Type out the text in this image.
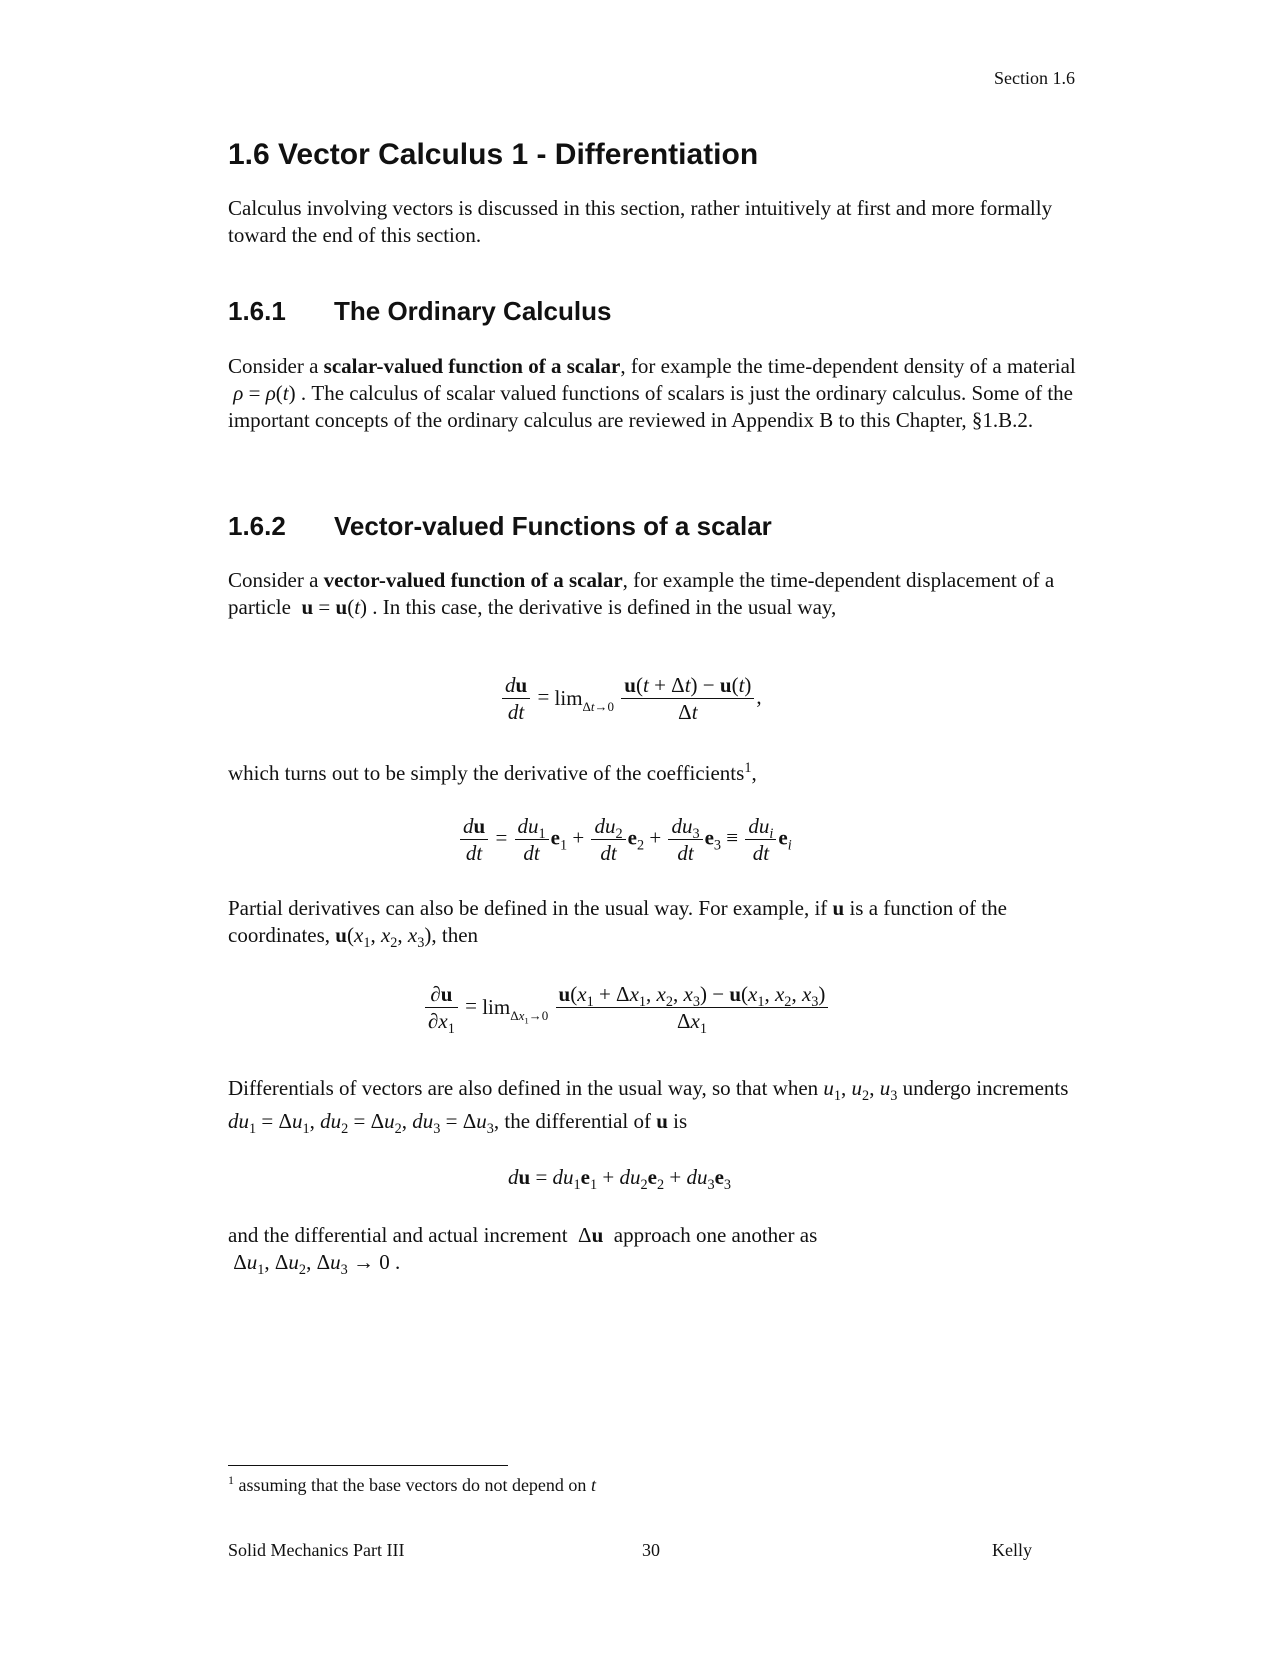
Section 1.6
1.6 Vector Calculus 1 - Differentiation
Calculus involving vectors is discussed in this section, rather intuitively at first and more formally toward the end of this section.
1.6.1 The Ordinary Calculus
Consider a scalar-valued function of a scalar, for example the time-dependent density of a material  ρ = ρ(t) . The calculus of scalar valued functions of scalars is just the ordinary calculus. Some of the important concepts of the ordinary calculus are reviewed in Appendix B to this Chapter, §1.B.2.
1.6.2 Vector-valued Functions of a scalar
Consider a vector-valued function of a scalar, for example the time-dependent displacement of a particle  u = u(t) . In this case, the derivative is defined in the usual way,
$\frac{du}{dt} = \lim_{\Delta t\to 0} \frac{u(t + \Delta t) - u(t)}{\Delta t}$ ,
which turns out to be simply the derivative of the coefficients$^1$,
$\frac{du}{dt} = \frac{du_1}{dt} e_1 + \frac{du_2}{dt} e_2 + \frac{du_3}{dt} e_3 \equiv \frac{du_i}{dt} e_i$
Partial derivatives can also be defined in the usual way. For example, if u is a function of the coordinates, $u(x_1$, $x_2$, $x_3$), then
$\frac{\partial u}{\partial x_1} = \lim_{\Delta x_1\to 0} \frac{u(x_1 + \Delta x_1, x_2, x_3) - u(x_1, x_2, x_3)}{\Delta x_1}$
Differentials of vectors are also defined in the usual way, so that when $u_1$, $u_2$, $u_3$ undergo increments $du_1 = \Delta u_1$, $du_2 = \Delta u_2$, $du_3 = \Delta u_3$, the differential of u is
du = $du_1e_1 + du_2e_2 + du_3e_3$
and the differential and actual increment  Δu  approach one another as
$\Delta u_1$, $\Delta u_2$, $\Delta u_3 \to 0$ .
$^1$ assuming that the base vectors do not depend on t
Solid Mechanics Part III	30	Kelly
